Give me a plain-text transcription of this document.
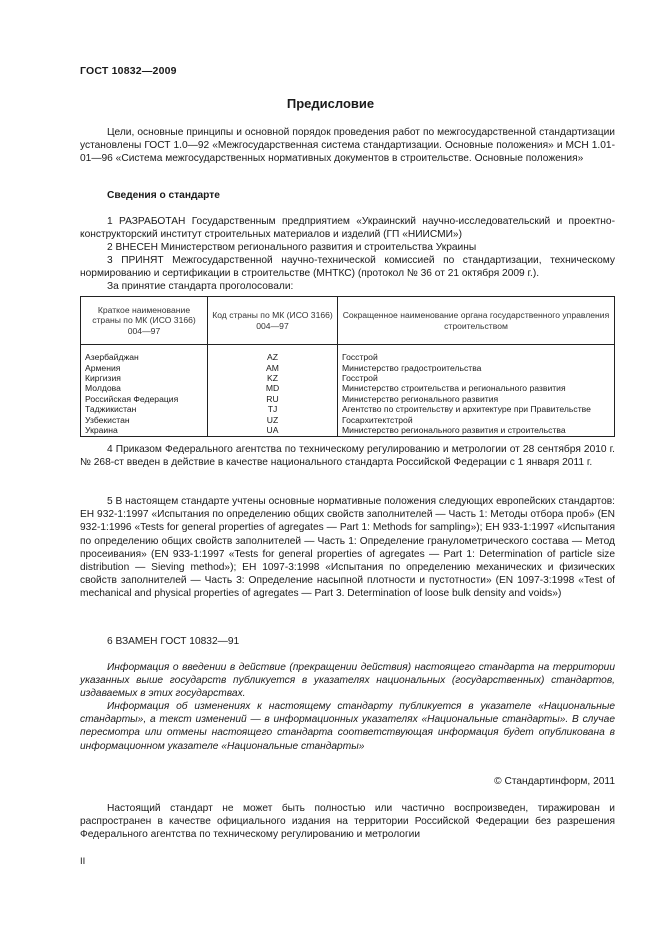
ГОСТ 10832—2009
Предисловие

Цели, основные принципы и основной порядок проведения работ по межгосударственной стандартизации установлены ГОСТ 1.0—92 «Межгосударственная система стандартизации. Основные положения» и МСН 1.01-01—96 «Система межгосударственных нормативных документов в строительстве. Основные положения»

Сведения о стандарте

1 РАЗРАБОТАН Государственным предприятием «Украинский научно-исследовательский и проектно-конструкторский институт строительных материалов и изделий (ГП «НИИСМИ»)

2 ВНЕСЕН Министерством регионального развития и строительства Украины

3 ПРИНЯТ Межгосударственной научно-технической комиссией по стандартизации, техническому нормированию и сертификации в строительстве (МНТКС) (протокол № 36 от 21 октября 2009 г.).

За принятие стандарта проголосовали:

Краткое наименование страны по МК (ИСО 3166) 004—97	Код страны по МК (ИСО 3166) 004—97	Сокращенное наименование органа государственного управления строительством
Азербайджан	AZ	Госстрой
Армения	AM	Министерство градостроительства
Киргизия	KZ	Госстрой
Молдова	MD	Министерство строительства и регионального развития
Российская Федерация	RU	Министерство регионального развития
Таджикистан	TJ	Агентство по строительству и архитектуре при Правительстве
Узбекистан	UZ	Госархитектстрой
Украина	UA	Министерство регионального развития и строительства

4 Приказом Федерального агентства по техническому регулированию и метрологии от 28 сентября 2010 г. № 268-ст введен в действие в качестве национального стандарта Российской Федерации с 1 января 2011 г.

5 В настоящем стандарте учтены основные нормативные положения следующих европейских стандартов: ЕН 932-1:1997 «Испытания по определению общих свойств заполнителей — Часть 1: Методы отбора проб» (EN 932-1:1996 «Tests for general properties of agregates — Part 1: Methods for sampling»); ЕН 933-1:1997 «Испытания по определению общих свойств заполнителей — Часть 1: Определение гранулометрического состава — Метод просеивания» (EN 933-1:1997 «Tests for general properties of agregates — Part 1: Determination of particle size distribution — Sieving method»); ЕН 1097-3:1998 «Испытания по определению механических и физических свойств заполнителей — Часть 3: Определение насыпной плотности и пустотности» (EN 1097-3:1998 «Test of mechanical and physical properties of agregates — Part 3. Determination of loose bulk density and voids»)

6 ВЗАМЕН ГОСТ 10832—91

Информация о введении в действие (прекращении действия) настоящего стандарта на территории указанных выше государств публикуется в указателях национальных (государственных) стандартов, издаваемых в этих государствах.

Информация об изменениях к настоящему стандарту публикуется в указателе «Национальные стандарты», а текст изменений — в информационных указателях «Национальные стандарты». В случае пересмотра или отмены настоящего стандарта соответствующая информация будет опубликована в информационном указателе «Национальные стандарты»

© Стандартинформ, 2011

Настоящий стандарт не может быть полностью или частично воспроизведен, тиражирован и распространен в качестве официального издания на территории Российской Федерации без разрешения Федерального агентства по техническому регулированию и метрологии

II
